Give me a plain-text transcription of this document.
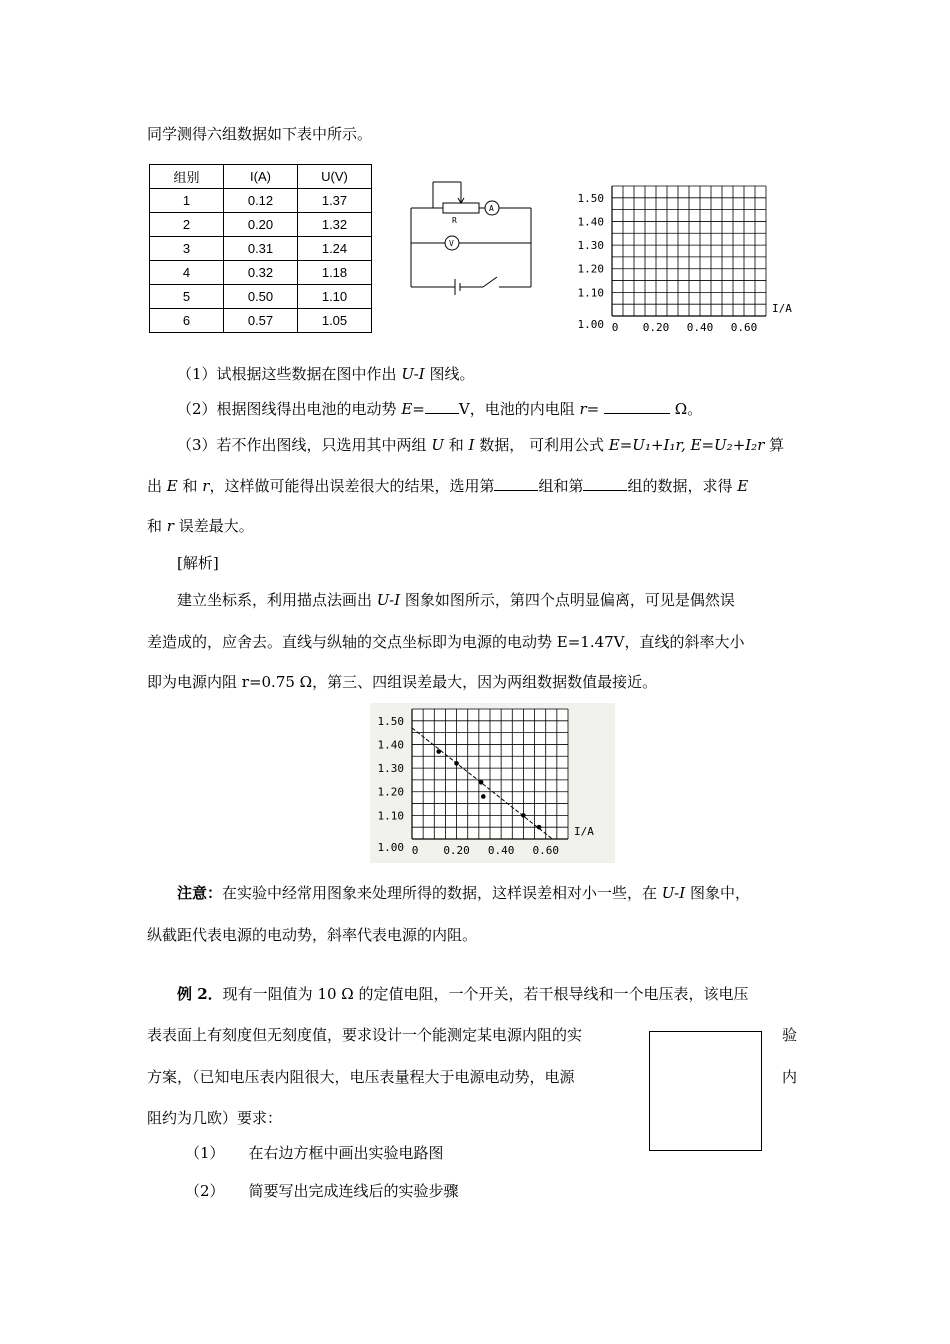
同学测得六组数据如下表中所示。
组别	I(A)	U(V)
1	0.12	1.37
2	0.20	1.32
3	0.31	1.24
4	0.32	1.18
5	0.50	1.10
6	0.57	1.05
R
A
V
1.50
1.40
1.30
1.20
1.10
1.00 0 0.20 0.40 0.60
I/A
（1）试根据这些数据在图中作出 U-I 图线。
（2）根据图线得出电池的电动势 E= V，电池的内电阻 r=	Ω。
（3）若不作出图线，只选用其中两组 U 和 I 数据， 可利用公式 E=U₁+I₁r, E=U₂+I₂r 算
出 E 和 r，这样做可能得出误差很大的结果，选用第	组和第	组的数据，求得 E
和 r 误差最大。
[解析]
建立坐标系，利用描点法画出 U-I 图象如图所示，第四个点明显偏离，可见是偶然误
差造成的，应舍去。直线与纵轴的交点坐标即为电源的电动势 E=1.47V，直线的斜率大小
即为电源内阻 r=0.75 Ω，第三、四组误差最大，因为两组数据数值最接近。
1.50
1.40
1.30
1.20
1.10
1.00 0 0.20 0.40 0.60
I/A
注意：在实验中经常用图象来处理所得的数据，这样误差相对小一些，在 U-I 图象中，
纵截距代表电源的电动势，斜率代表电源的内阻。
例 2．现有一阻值为 10 Ω 的定值电阻，一个开关，若干根导线和一个电压表，该电压
表表面上有刻度但无刻度值，要求设计一个能测定某电源内阻的实	验
方案，（已知电压表内阻很大，电压表量程大于电源电动势，电源	内
阻约为几欧）要求：
（1） 在右边方框中画出实验电路图
（2） 简要写出完成连线后的实验步骤
